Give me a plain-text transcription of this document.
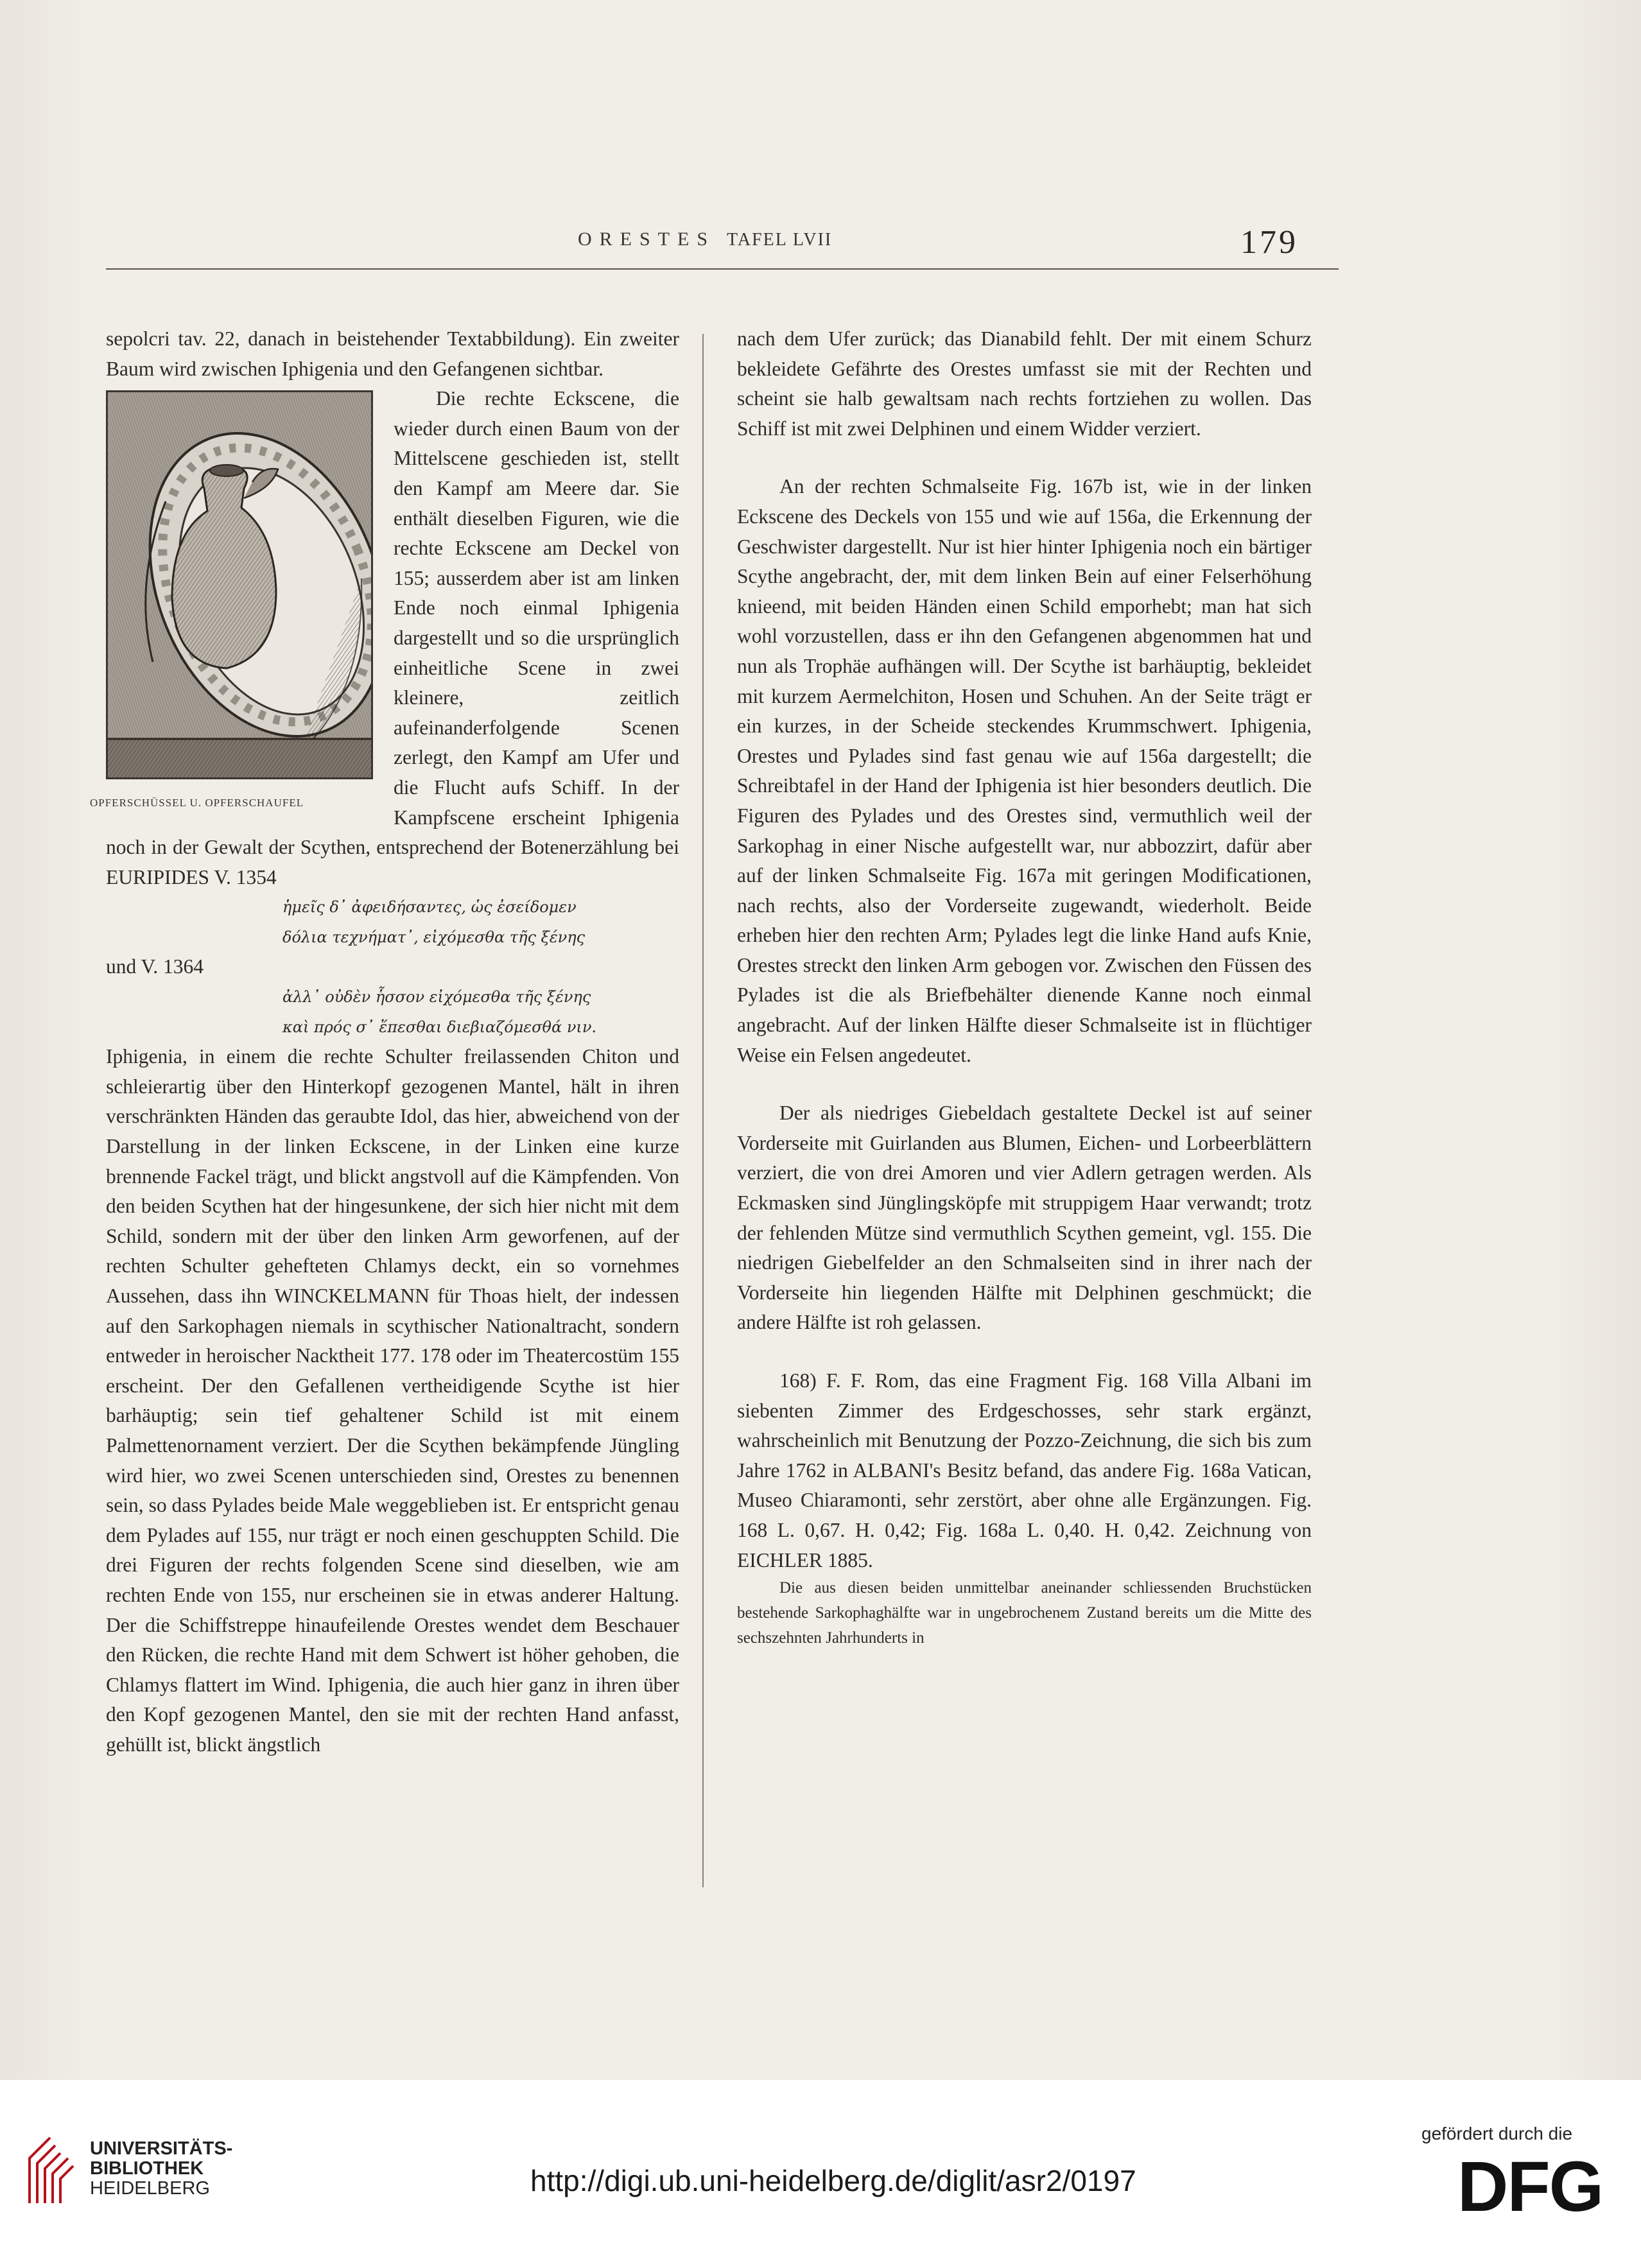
ORESTES TAFEL LVII	179

sepolcri tav. 22, danach in beistehender Textabbildung). Ein zweiter Baum wird zwischen Iphigenia und den Gefangenen sichtbar.

OPFERSCHÜSSEL U. OPFERSCHAUFEL

Die rechte Eckscene, die wieder durch einen Baum von der Mittelscene geschieden ist, stellt den Kampf am Meere dar. Sie enthält dieselben Figuren, wie die rechte Eckscene am Deckel von 155; ausserdem aber ist am linken Ende noch einmal Iphigenia dargestellt und so die ursprünglich einheitliche Scene in zwei kleinere, zeitlich aufeinanderfolgende Scenen zerlegt, den Kampf am Ufer und die Flucht aufs Schiff. In der Kampfscene erscheint Iphigenia noch in der Gewalt der Scythen, entsprechend der Botenerzählung bei EURIPIDES V. 1354

ἡμεῖς δ᾽ ἀφειδήσαντες, ὡς ἐσείδομεν
δόλια τεχνήματ᾽, εἰχόμεσθα τῆς ξένης

und V. 1364

ἀλλ᾽ οὐδὲν ἧσσον εἰχόμεσθα τῆς ξένης
καὶ πρός σ᾽ ἕπεσθαι διεβιαζόμεσθά νιν.

Iphigenia, in einem die rechte Schulter freilassenden Chiton und schleierartig über den Hinterkopf gezogenen Mantel, hält in ihren verschränkten Händen das geraubte Idol, das hier, abweichend von der Darstellung in der linken Eckscene, in der Linken eine kurze brennende Fackel trägt, und blickt angstvoll auf die Kämpfenden. Von den beiden Scythen hat der hingesunkene, der sich hier nicht mit dem Schild, sondern mit der über den linken Arm geworfenen, auf der rechten Schulter gehefteten Chlamys deckt, ein so vornehmes Aussehen, dass ihn WINCKELMANN für Thoas hielt, der indessen auf den Sarkophagen niemals in scythischer Nationaltracht, sondern entweder in heroischer Nacktheit 177. 178 oder im Theatercostüm 155 erscheint. Der den Gefallenen vertheidigende Scythe ist hier barhäuptig; sein tief gehaltener Schild ist mit einem Palmettenornament verziert. Der die Scythen bekämpfende Jüngling wird hier, wo zwei Scenen unterschieden sind, Orestes zu benennen sein, so dass Pylades beide Male weggeblieben ist. Er entspricht genau dem Pylades auf 155, nur trägt er noch einen geschuppten Schild. Die drei Figuren der rechts folgenden Scene sind dieselben, wie am rechten Ende von 155, nur erscheinen sie in etwas anderer Haltung. Der die Schiffstreppe hinaufeilende Orestes wendet dem Beschauer den Rücken, die rechte Hand mit dem Schwert ist höher gehoben, die Chlamys flattert im Wind. Iphigenia, die auch hier ganz in ihren über den Kopf gezogenen Mantel, den sie mit der rechten Hand anfasst, gehüllt ist, blickt ängstlich

nach dem Ufer zurück; das Dianabild fehlt. Der mit einem Schurz bekleidete Gefährte des Orestes umfasst sie mit der Rechten und scheint sie halb gewaltsam nach rechts fortziehen zu wollen. Das Schiff ist mit zwei Delphinen und einem Widder verziert.

An der rechten Schmalseite Fig. 167b ist, wie in der linken Eckscene des Deckels von 155 und wie auf 156a, die Erkennung der Geschwister dargestellt. Nur ist hier hinter Iphigenia noch ein bärtiger Scythe angebracht, der, mit dem linken Bein auf einer Felserhöhung knieend, mit beiden Händen einen Schild emporhebt; man hat sich wohl vorzustellen, dass er ihn den Gefangenen abgenommen hat und nun als Trophäe aufhängen will. Der Scythe ist barhäuptig, bekleidet mit kurzem Aermelchiton, Hosen und Schuhen. An der Seite trägt er ein kurzes, in der Scheide steckendes Krummschwert. Iphigenia, Orestes und Pylades sind fast genau wie auf 156a dargestellt; die Schreibtafel in der Hand der Iphigenia ist hier besonders deutlich. Die Figuren des Pylades und des Orestes sind, vermuthlich weil der Sarkophag in einer Nische aufgestellt war, nur abbozzirt, dafür aber auf der linken Schmalseite Fig. 167a mit geringen Modificationen, nach rechts, also der Vorderseite zugewandt, wiederholt. Beide erheben hier den rechten Arm; Pylades legt die linke Hand aufs Knie, Orestes streckt den linken Arm gebogen vor. Zwischen den Füssen des Pylades ist die als Briefbehälter dienende Kanne noch einmal angebracht. Auf der linken Hälfte dieser Schmalseite ist in flüchtiger Weise ein Felsen angedeutet.

Der als niedriges Giebeldach gestaltete Deckel ist auf seiner Vorderseite mit Guirlanden aus Blumen, Eichen- und Lorbeerblättern verziert, die von drei Amoren und vier Adlern getragen werden. Als Eckmasken sind Jünglingsköpfe mit struppigem Haar verwandt; trotz der fehlenden Mütze sind vermuthlich Scythen gemeint, vgl. 155. Die niedrigen Giebelfelder an den Schmalseiten sind in ihrer nach der Vorderseite hin liegenden Hälfte mit Delphinen geschmückt; die andere Hälfte ist roh gelassen.

168) F. F. Rom, das eine Fragment Fig. 168 Villa Albani im siebenten Zimmer des Erdgeschosses, sehr stark ergänzt, wahrscheinlich mit Benutzung der Pozzo-Zeichnung, die sich bis zum Jahre 1762 in ALBANI's Besitz befand, das andere Fig. 168a Vatican, Museo Chiaramonti, sehr zerstört, aber ohne alle Ergänzungen. Fig. 168 L. 0,67. H. 0,42; Fig. 168a L. 0,40. H. 0,42. Zeichnung von EICHLER 1885.

Die aus diesen beiden unmittelbar aneinander schliessenden Bruchstücken bestehende Sarkophaghälfte war in ungebrochenem Zustand bereits um die Mitte des sechszehnten Jahrhunderts in

UNIVERSITÄTS-
BIBLIOTHEK
HEIDELBERG	http://digi.ub.uni-heidelberg.de/diglit/asr2/0197
gefördert durch die
DFG
